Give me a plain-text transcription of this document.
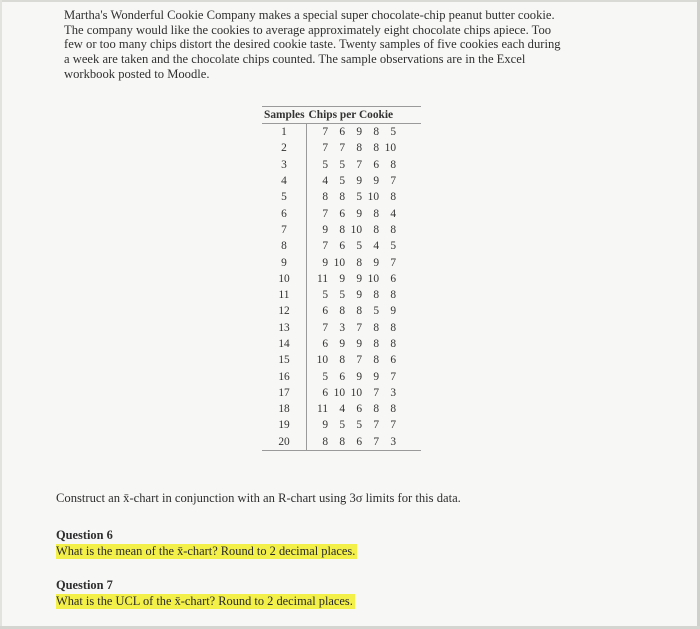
Martha's Wonderful Cookie Company makes a special super chocolate-chip peanut butter cookie.
The company would like the cookies to average approximately eight chocolate chips apiece. Too
few or too many chips distort the desired cookie taste. Twenty samples of five cookies each during
a week are taken and the chocolate chips counted. The sample observations are in the Excel
workbook posted to Moodle.
Samples	Chips per Cookie
1	7 6 9 8 5
2	7 7 8 8 10
3	5 5 7 6 8
4	4 5 9 9 7
5	8 8 5 10 8
6	7 6 9 8 4
7	9 8 10 8 8
8	7 6 5 4 5
9	9 10 8 9 7
10	11 9 9 10 6
11	5 5 9 8 8
12	6 8 8 5 9
13	7 3 7 8 8
14	6 9 9 8 8
15	10 8 7 8 6
16	5 6 9 9 7
17	6 10 10 7 3
18	11 4 6 8 8
19	9 5 5 7 7
20	8 8 6 7 3
Construct an x̄-chart in conjunction with an R-chart using 3σ limits for this data.
Question 6
What is the mean of the x̄-chart? Round to 2 decimal places.
Question 7
What is the UCL of the x̄-chart? Round to 2 decimal places.
